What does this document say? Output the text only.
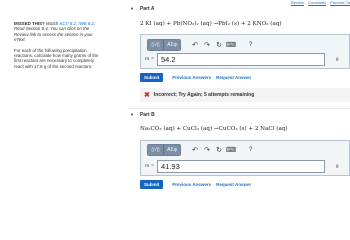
Review Constants Periodic Ta

MISSED THIS? Watch KCV 8.2, IWE 8.2; Read Section 8.4. You can click on the Review link to access the section in your eText.

For each of the following precipitation reactions, calculate how many grams of the first reactant are necessary to completely react with 17.8 g of the second reactant.

▼ Part A
2 KI (aq) + Pb(NO₃)₂ (aq) →PbI₂ (s) + 2 KNO₃ (aq)
▯√▯	ΑΣφ	↶ ↷ ↻ ⌨ ?
m = 54.2	g
Submit	Previous Answers Request Answer
✖ Incorrect; Try Again; 5 attempts remaining
▼ Part B
Na₂CO₃ (aq) + CuCl₂ (aq) →CuCO₃ (s) + 2 NaCl (aq)
▯√▯	ΑΣφ	↶ ↷ ↻ ⌨ ?
m = 41.93	g
Submit	Previous Answers Request Answer
